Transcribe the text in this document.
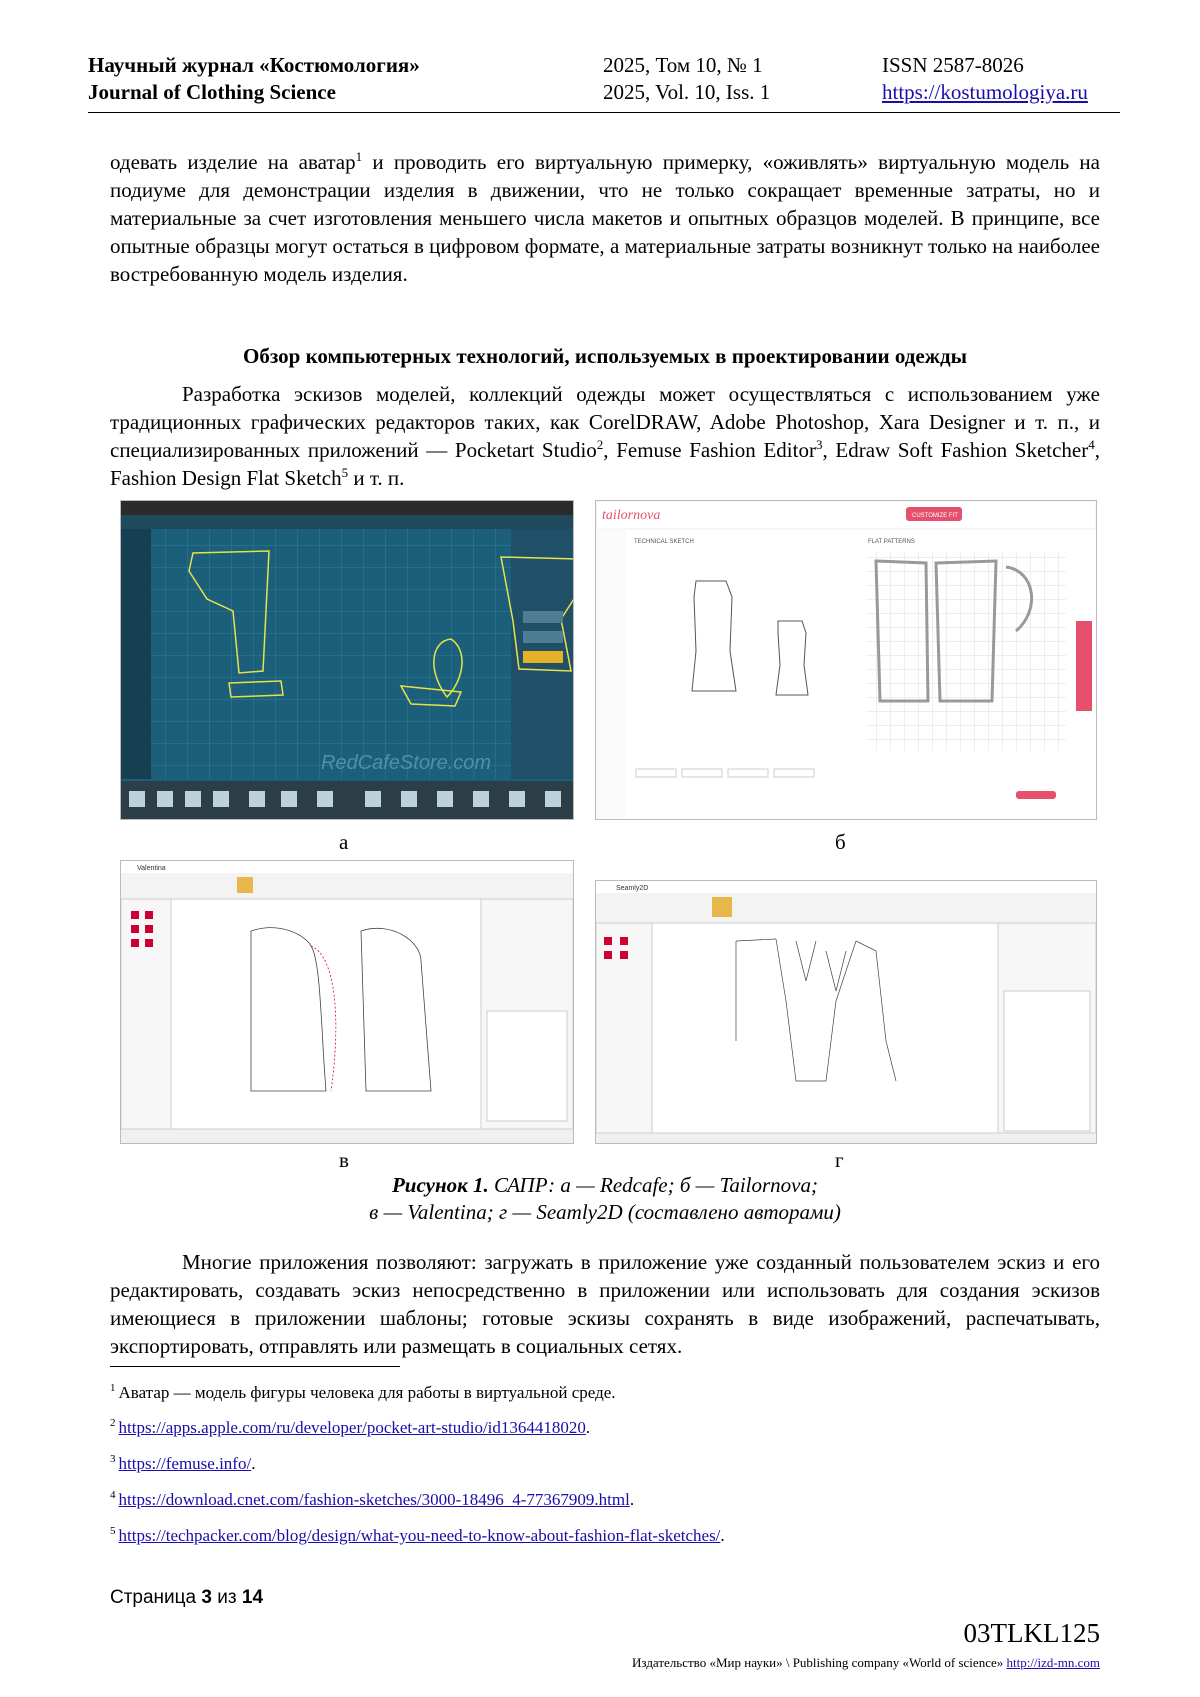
Научный журнал «Костюмология»
Journal of Clothing Science
2025, Том 10, № 1
2025, Vol. 10, Iss. 1
ISSN 2587-8026
https://kostumologiya.ru
одевать изделие на аватар$^1$ и проводить его виртуальную примерку, «оживлять» виртуальную модель на подиуме для демонстрации изделия в движении, что не только сокращает временные затраты, но и материальные за счет изготовления меньшего числа макетов и опытных образцов моделей. В принципе, все опытные образцы могут остаться в цифровом формате, а материальные затраты возникнут только на наиболее востребованную модель изделия.
Обзор компьютерных технологий, используемых в проектировании одежды
Разработка эскизов моделей, коллекций одежды может осуществляться с использованием уже традиционных графических редакторов таких, как CorelDRAW, Adobe Photoshop, Xara Designer и т. п., и специализированных приложений — Pocketart Studio$^2$, Femuse Fashion Editor$^3$, Edraw Soft Fashion Sketcher$^4$, Fashion Design Flat Sketch$^5$ и т. п.
RedCafeStore.com
а
tailornova	CUSTOMIZE FIT
TECHNICAL SKETCH	FLAT PATTERNS
б
Valentina
в
Seamly2D
г
Рисунок 1. САПР: а — Redcafe; б — Tailornova;
в — Valentina; г — Seamly2D (составлено авторами)
Многие приложения позволяют: загружать в приложение уже созданный пользователем эскиз и его редактировать, создавать эскиз непосредственно в приложении или использовать для создания эскизов имеющиеся в приложении шаблоны; готовые эскизы сохранять в виде изображений, распечатывать, экспортировать, отправлять или размещать в социальных сетях.
$^1$ Аватар — модель фигуры человека для работы в виртуальной среде.
$^2$ https://apps.apple.com/ru/developer/pocket-art-studio/id1364418020.
$^3$ https://femuse.info/.
$^4$ https://download.cnet.com/fashion-sketches/3000-18496_4-77367909.html.
$^5$ https://techpacker.com/blog/design/what-you-need-to-know-about-fashion-flat-sketches/.
Страница 3 из 14
03TLKL125
Издательство «Мир науки» \ Publishing company «World of science» http://izd-mn.com
